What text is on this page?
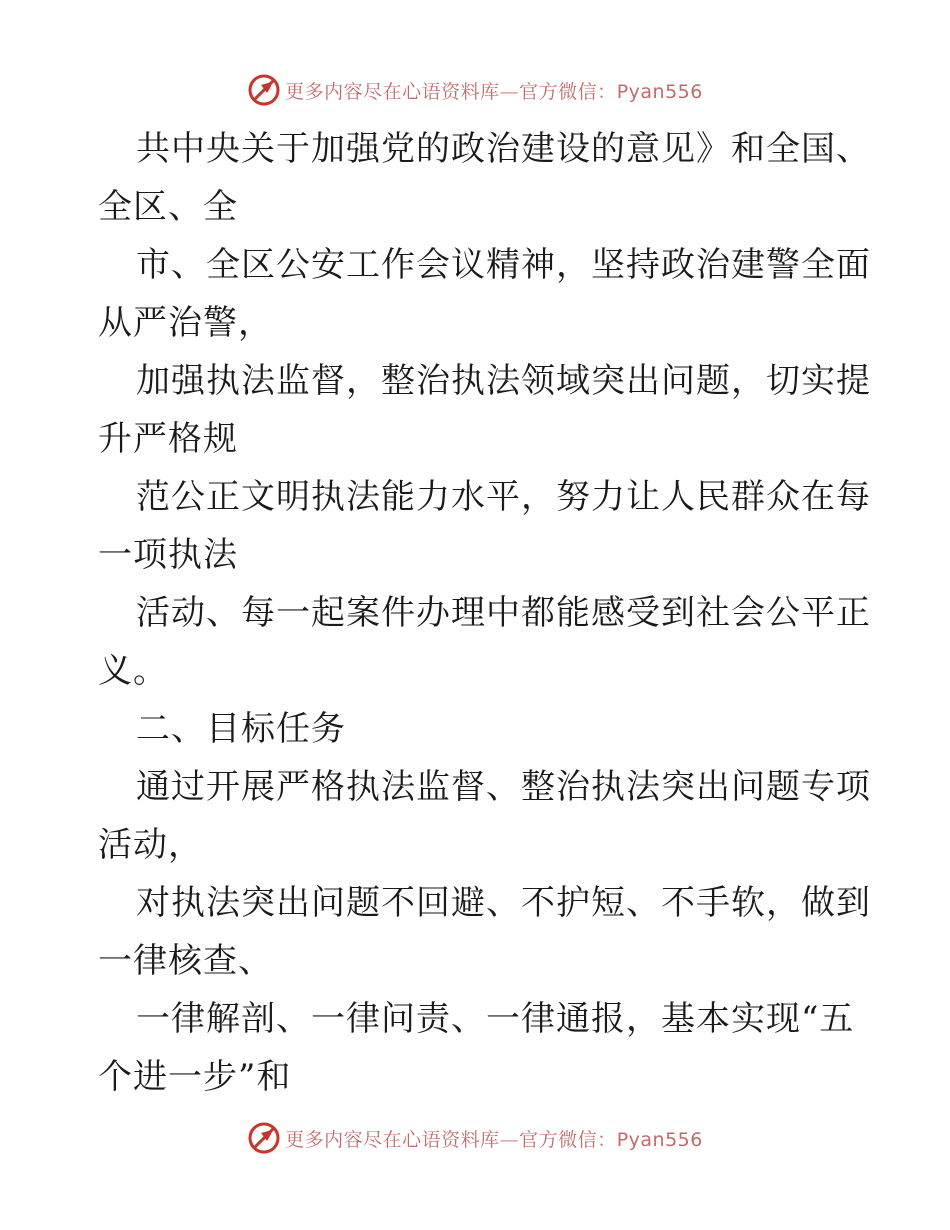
更多内容尽在心语资料库—官方微信：Pyan556
共中央关于加强党的政治建设的意见》和全国、
全区、全
市、全区公安工作会议精神，坚持政治建警全面
从严治警，
加强执法监督，整治执法领域突出问题，切实提
升严格规
范公正文明执法能力水平，努力让人民群众在每
一项执法
活动、每一起案件办理中都能感受到社会公平正
义。
二、目标任务
通过开展严格执法监督、整治执法突出问题专项
活动，
对执法突出问题不回避、不护短、不手软，做到
一律核查、
一律解剖、一律问责、一律通报，基本实现“五
个进一步”和
更多内容尽在心语资料库—官方微信：Pyan556
